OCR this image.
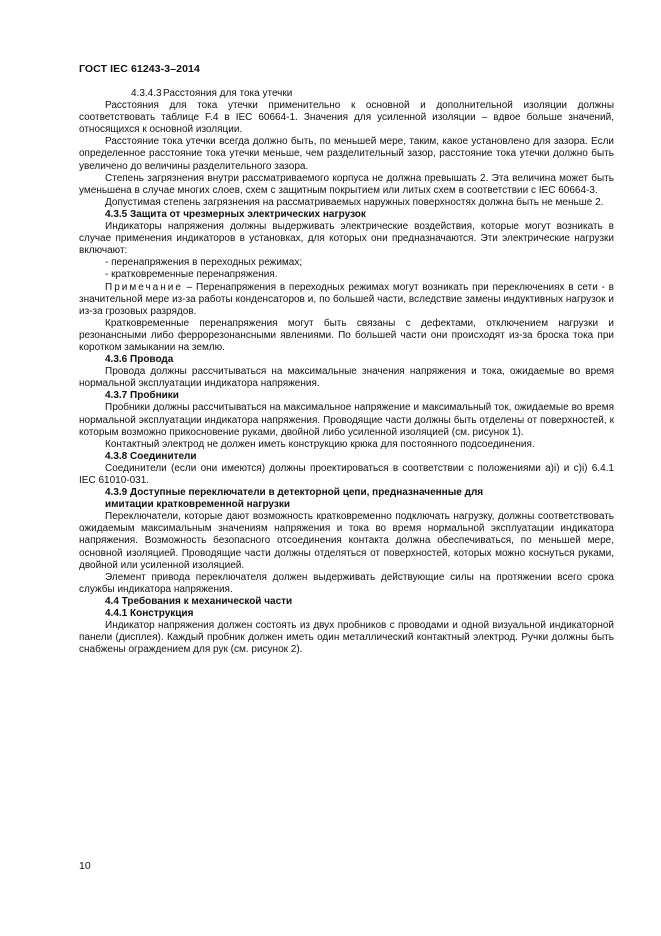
ГОСТ IEC 61243-3–2014

4.3.4.3Расстояния для тока утечки

Расстояния для тока утечки применительно к основной и дополнительной изоляции должны соответствовать таблице F.4 в IEC 60664-1. Значения для усиленной изоляции – вдвое больше значений, относящихся к основной изоляции.

Расстояние тока утечки всегда должно быть, по меньшей мере, таким, какое установлено для зазора. Если определенное расстояние тока утечки меньше, чем разделительный зазор, расстояние тока утечки должно быть увеличено до величины разделительного зазора.

Степень загрязнения внутри рассматриваемого корпуса не должна превышать 2. Эта величина может быть уменьшена в случае многих слоев, схем с защитным покрытием или литых схем в соответствии с IEC 60664-3.

Допустимая степень загрязнения на рассматриваемых наружных поверхностях должна быть не меньше 2.

4.3.5 Защита от чрезмерных электрических нагрузок

Индикаторы напряжения должны выдерживать электрические воздействия, которые могут возникать в случае применения индикаторов в установках, для которых они предназначаются. Эти электрические нагрузки включают:

- перенапряжения в переходных режимах;

- кратковременные перенапряжения.

Примечание – Перенапряжения в переходных режимах могут возникать при переключениях в сети - в значительной мере из-за работы конденсаторов и, по большей части, вследствие замены индуктивных нагрузок и из-за грозовых разрядов.

Кратковременные перенапряжения могут быть связаны с дефектами, отключением нагрузки и резонансными либо феррорезонансными явлениями. По большей части они происходят из-за броска тока при коротком замыкании на землю.

4.3.6 Провода

Провода должны рассчитываться на максимальные значения напряжения и тока, ожидаемые во время нормальной эксплуатации индикатора напряжения.

4.3.7 Пробники

Пробники должны рассчитываться на максимальное напряжение и максимальный ток, ожидаемые во время нормальной эксплуатации индикатора напряжения. Проводящие части должны быть отделены от поверхностей, к которым возможно прикосновение руками, двойной либо усиленной изоляцией (см. рисунок 1).

Контактный электрод не должен иметь конструкцию крюка для постоянного подсоединения.

4.3.8 Соединители

Соединители (если они имеются) должны проектироваться в соответствии с положениями a)i) и c)i) 6.4.1 IEC 61010-031.

4.3.9 Доступные переключатели в детекторной цепи, предназначенные для

имитации кратковременной нагрузки

Переключатели, которые дают возможность кратковременно подключать нагрузку, должны соответствовать ожидаемым максимальным значениям напряжения и тока во время нормальной эксплуатации индикатора напряжения. Возможность безопасного отсоединения контакта должна обеспечиваться, по меньшей мере, основной изоляцией. Проводящие части должны отделяться от поверхностей, которых можно коснуться руками, двойной или усиленной изоляцией.

Элемент привода переключателя должен выдерживать действующие силы на протяжении всего срока службы индикатора напряжения.

4.4 Требования к механической части

4.4.1 Конструкция

Индикатор напряжения должен состоять из двух пробников с проводами и одной визуальной индикаторной панели (дисплея). Каждый пробник должен иметь один металлический контактный электрод. Ручки должны быть снабжены ограждением для рук (см. рисунок 2).

10
